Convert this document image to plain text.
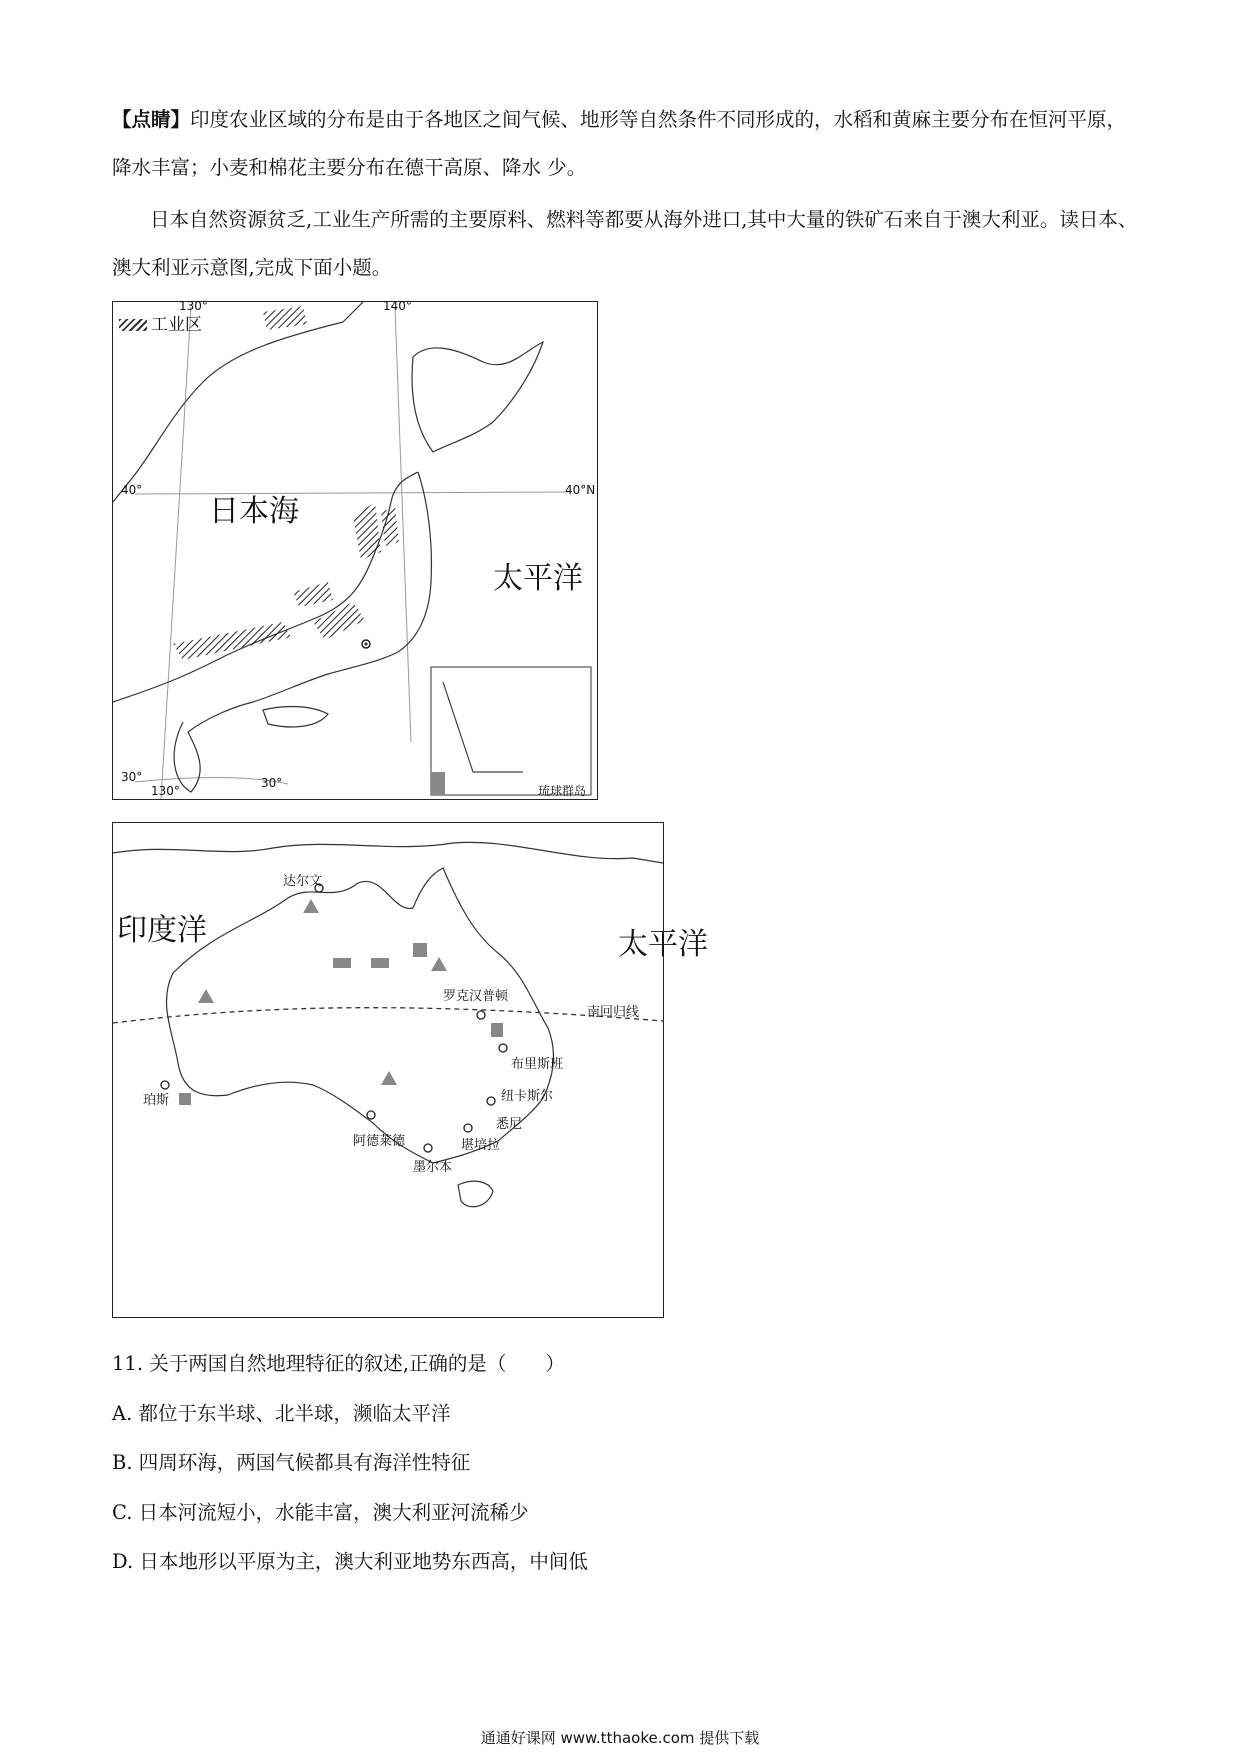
【点睛】印度农业区域的分布是由于各地区之间气候、地形等自然条件不同形成的，水稻和黄麻主要分布在恒河平原，降水丰富；小麦和棉花主要分布在德干高原、降水 少。
日本自然资源贫乏,工业生产所需的主要原料、燃料等都要从海外进口,其中大量的铁矿石来自于澳大利亚。读日本、澳大利亚示意图,完成下面小题。
工业区
日本海
太平洋
40°	40°N
30°	30°
130°	140°
130°	琉球群岛
印度洋	太平洋
南回归线
达尔文
罗克汉普顿
布里斯班
纽卡斯尔
悉尼
堪培拉
墨尔本
阿德莱德
珀斯
11. 关于两国自然地理特征的叙述,正确的是（　　）
A. 都位于东半球、北半球，濒临太平洋
B. 四周环海，两国气候都具有海洋性特征
C. 日本河流短小，水能丰富，澳大利亚河流稀少
D. 日本地形以平原为主，澳大利亚地势东西高，中间低
通通好课网 www.tthaoke.com 提供下载
